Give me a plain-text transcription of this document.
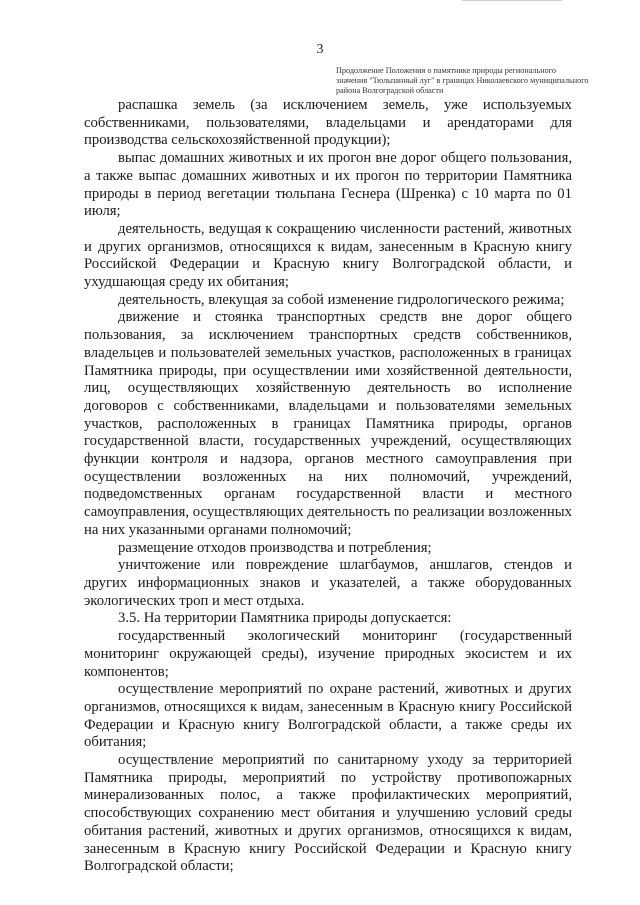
3
Продолжение Положения о памятнике природы регионального
значения "Тюльпанный луг" в границах Николаевского муниципального
района Волгоградской области

распашка земель (за исключением земель, уже используемых собственниками, пользователями, владельцами и арендаторами для производства сельскохозяйственной продукции);

выпас домашних животных и их прогон вне дорог общего пользования, а также выпас домашних животных и их прогон по территории Памятника природы в период вегетации тюльпана Геснера (Шренка) с 10 марта по 01 июля;

деятельность, ведущая к сокращению численности растений, животных и других организмов, относящихся к видам, занесенным в Красную книгу Российской Федерации и Красную книгу Волгоградской области, и ухудшающая среду их обитания;

деятельность, влекущая за собой изменение гидрологического режима;

движение и стоянка транспортных средств вне дорог общего пользования, за исключением транспортных средств собственников, владельцев и пользователей земельных участков, расположенных в границах Памятника природы, при осуществлении ими хозяйственной деятельности, лиц, осуществляющих хозяйственную деятельность во исполнение договоров с собственниками, владельцами и пользователями земельных участков, расположенных в границах Памятника природы, органов государственной власти, государственных учреждений, осуществляющих функции контроля и надзора, органов местного самоуправления при осуществлении возложенных на них полномочий, учреждений, подведомственных органам государственной власти и местного самоуправления, осуществляющих деятельность по реализации возложенных на них указанными органами полномочий;

размещение отходов производства и потребления;

уничтожение или повреждение шлагбаумов, аншлагов, стендов и других информационных знаков и указателей, а также оборудованных экологических троп и мест отдыха.

3.5. На территории Памятника природы допускается:

государственный экологический мониторинг (государственный мониторинг окружающей среды), изучение природных экосистем и их компонентов;

осуществление мероприятий по охране растений, животных и других организмов, относящихся к видам, занесенным в Красную книгу Российской Федерации и Красную книгу Волгоградской области, а также среды их обитания;

осуществление мероприятий по санитарному уходу за территорией Памятника природы, мероприятий по устройству противопожарных минерализованных полос, а также профилактических мероприятий, способствующих сохранению мест обитания и улучшению условий среды обитания растений, животных и других организмов, относящихся к видам, занесенным в Красную книгу Российской Федерации и Красную книгу Волгоградской области;
